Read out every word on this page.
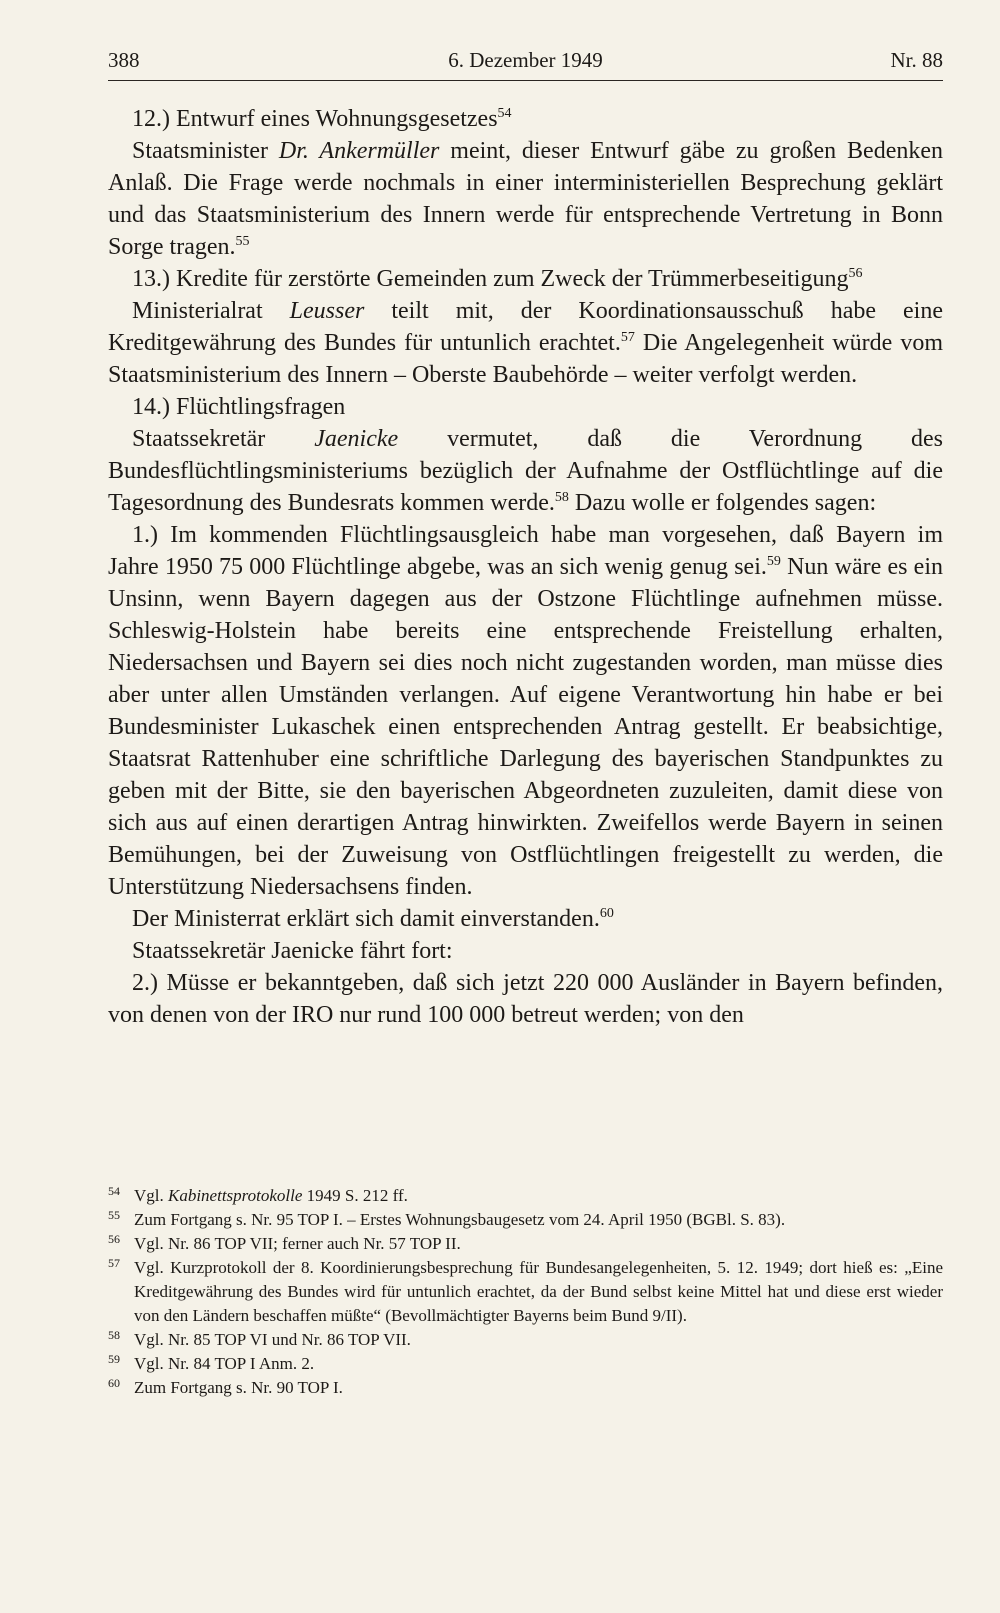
388	6. Dezember 1949	Nr. 88

12.) Entwurf eines Wohnungsgesetzes$^{54}$

Staatsminister Dr. Ankermüller meint, dieser Entwurf gäbe zu großen Bedenken Anlaß. Die Frage werde nochmals in einer interministeriellen Besprechung geklärt und das Staatsministerium des Innern werde für entsprechende Vertretung in Bonn Sorge tragen.$^{55}$

13.) Kredite für zerstörte Gemeinden zum Zweck der Trümmerbeseitigung$^{56}$

Ministerialrat Leusser teilt mit, der Koordinationsausschuß habe eine Kreditgewährung des Bundes für untunlich erachtet.$^{57}$ Die Angelegenheit würde vom Staatsministerium des Innern – Oberste Baubehörde – weiter verfolgt werden.

14.) Flüchtlingsfragen

Staatssekretär Jaenicke vermutet, daß die Verordnung des Bundesflüchtlingsministeriums bezüglich der Aufnahme der Ostflüchtlinge auf die Tagesordnung des Bundesrats kommen werde.$^{58}$ Dazu wolle er folgendes sagen:

1.) Im kommenden Flüchtlingsausgleich habe man vorgesehen, daß Bayern im Jahre 1950 75 000 Flüchtlinge abgebe, was an sich wenig genug sei.$^{59}$ Nun wäre es ein Unsinn, wenn Bayern dagegen aus der Ostzone Flüchtlinge aufnehmen müsse. Schleswig-Holstein habe bereits eine entsprechende Freistellung erhalten, Niedersachsen und Bayern sei dies noch nicht zugestanden worden, man müsse dies aber unter allen Umständen verlangen. Auf eigene Verantwortung hin habe er bei Bundesminister Lukaschek einen entsprechenden Antrag gestellt. Er beabsichtige, Staatsrat Rattenhuber eine schriftliche Darlegung des bayerischen Standpunktes zu geben mit der Bitte, sie den bayerischen Abgeordneten zuzuleiten, damit diese von sich aus auf einen derartigen Antrag hinwirkten. Zweifellos werde Bayern in seinen Bemühungen, bei der Zuweisung von Ostflüchtlingen freigestellt zu werden, die Unterstützung Niedersachsens finden.

Der Ministerrat erklärt sich damit einverstanden.$^{60}$

Staatssekretär Jaenicke fährt fort:

2.) Müsse er bekanntgeben, daß sich jetzt 220 000 Ausländer in Bayern befinden, von denen von der IRO nur rund 100 000 betreut werden; von den

54 Vgl. Kabinettsprotokolle 1949 S. 212 ff.

55 Zum Fortgang s. Nr. 95 TOP I. – Erstes Wohnungsbaugesetz vom 24. April 1950 (BGBl. S. 83).

56 Vgl. Nr. 86 TOP VII; ferner auch Nr. 57 TOP II.

57 Vgl. Kurzprotokoll der 8. Koordinierungsbesprechung für Bundesangelegenheiten, 5. 12. 1949; dort hieß es: „Eine Kreditgewährung des Bundes wird für untunlich erachtet, da der Bund selbst keine Mittel hat und diese erst wieder von den Ländern beschaffen müßte“ (Bevollmächtigter Bayerns beim Bund 9/II).

58 Vgl. Nr. 85 TOP VI und Nr. 86 TOP VII.

59 Vgl. Nr. 84 TOP I Anm. 2.

60 Zum Fortgang s. Nr. 90 TOP I.
